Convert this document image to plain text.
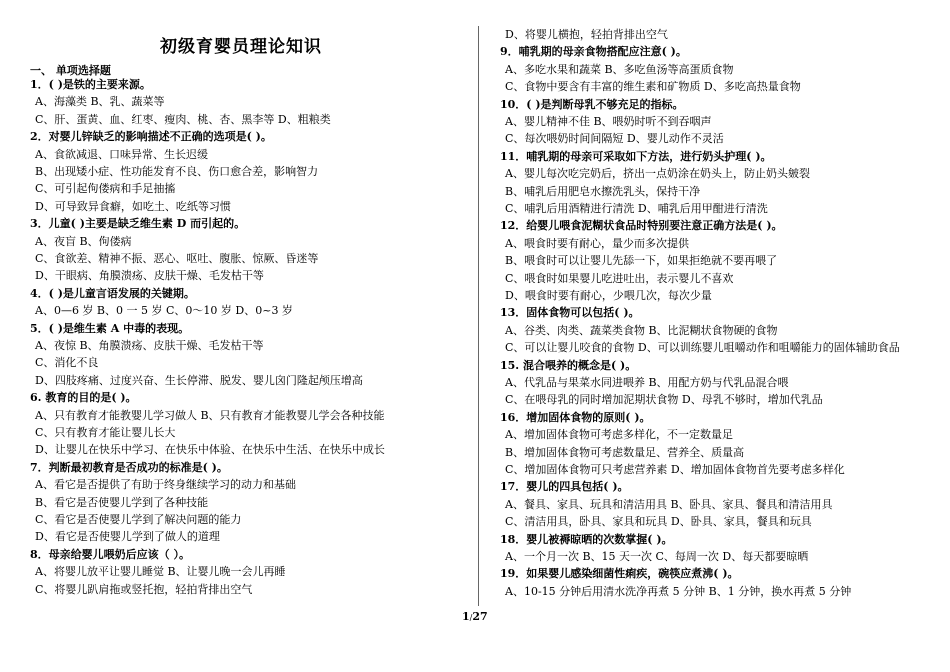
初级育婴员理论知识
一、 单项选择题
1．( )是铁的主要来源。
A、海藻类 B、乳、蔬菜等
C、肝、蛋黄、血、红枣、瘦肉、桃、杏、黑李等 D、粗粮类
2．对婴儿锌缺乏的影响描述不正确的选项是( )。
A、食欲减退、口味异常、生长迟缓
B、出现矮小症、性功能发育不良、伤口愈合差，影响智力
C、可引起佝偻病和手足抽搐
D、可导致异食癖，如吃土、吃纸等习惯
3．儿童( )主要是缺乏维生素 D 而引起的。
A、夜盲 B、佝偻病
C、食欲差、精神不振、恶心、呕吐、腹胀、惊厥、昏迷等
D、干眼病、角膜溃疡、皮肤干燥、毛发枯干等
4．( )是儿童言语发展的关键期。
A、0—6 岁 B、0 一 5 岁 C、0～10 岁 D、0~3 岁
5．( )是维生素 A 中毒的表现。
A、夜惊 B、角膜溃疡、皮肤干燥、毛发枯干等
C、消化不良
D、四肢疼痛、过度兴奋、生长停滞、脱发、婴儿囟门隆起颅压增高
6. 教育的目的是( )。
A、只有教育才能教婴儿学习做人 B、只有教育才能教婴儿学会各种技能
C、只有教育才能让婴儿长大
D、让婴儿在快乐中学习、在快乐中体验、在快乐中生活、在快乐中成长
7．判断最初教育是否成功的标准是( )。
A、看它是否提供了有助于终身继续学习的动力和基础
B、看它是否使婴儿学到了各种技能
C、看它是否使婴儿学到了解决问题的能力
D、看它是否使婴儿学到了做人的道理
8．母亲给婴儿喂奶后应该（ ）。
A、将婴儿放平让婴儿睡觉 B、让婴儿晚一会儿再睡
C、将婴儿趴肩拖或竖托抱，轻拍背排出空气
D、将婴儿横抱，轻拍背排出空气
9．哺乳期的母亲食物搭配应注意( )。
A、多吃水果和蔬菜 B、多吃鱼汤等高蛋质食物
C、食物中要含有丰富的维生素和矿物质 D、多吃高热量食物
10．( )是判断母乳不够充足的指标。
A、婴儿精神不佳 B、喂奶时听不到吞咽声
C、每次喂奶时间间隔短 D、婴儿动作不灵活
11．哺乳期的母亲可采取如下方法，进行奶头护理( )。
A、婴儿每次吃完奶后，挤出一点奶涂在奶头上，防止奶头皴裂
B、哺乳后用肥皂水擦洗乳头，保持干净
C、哺乳后用酒精进行清洗 D、哺乳后用甲酣进行清洗
12．给婴儿喂食泥糊状食品时特别要注意正确方法是( )。
A、喂食时要有耐心，量少而多次提供
B、喂食时可以让婴儿先舔一下，如果拒绝就不要再喂了
C、喂食时如果婴儿吃进吐出，表示婴儿不喜欢
D、喂食时要有耐心，少喂几次，每次少量
13．固体食物可以包括( )。
A、谷类、肉类、蔬菜类食物 B、比泥糊状食物硬的食物
C、可以让婴儿咬食的食物 D、可以训练婴儿咀嚼动作和咀嚼能力的固体辅助食品
15. 混合喂养的概念是( )。
A、代乳品与果菜水同进喂养 B、用配方奶与代乳品混合喂
C、在喂母乳的同时增加泥期状食物 D、母乳不够时，增加代乳品
16．增加固体食物的原则( )。
A、增加固体食物可考虑多样化，不一定数量足
B、增加固体食物可考虑数量足、营养全、质量高
C、增加固体食物可只考虑营养素 D、增加固体食物首先要考虑多样化
17．婴儿的四具包括( )。
A、餐具、家具、玩具和清洁用具 B、卧具、家具、餐具和清洁用具
C、清洁用具，卧具、家具和玩具 D、卧具、家具，餐具和玩具
18．婴儿被褥晾晒的次数掌握( )。
A、一个月一次 B、15 天一次 C、每周一次 D、每天都要晾晒
19．如果婴儿感染细菌性痢疾，碗筷应煮沸( )。
A、10-15 分钟后用清水洗净再煮 5 分钟 B、1 分钟，换水再煮 5 分钟
1/27
